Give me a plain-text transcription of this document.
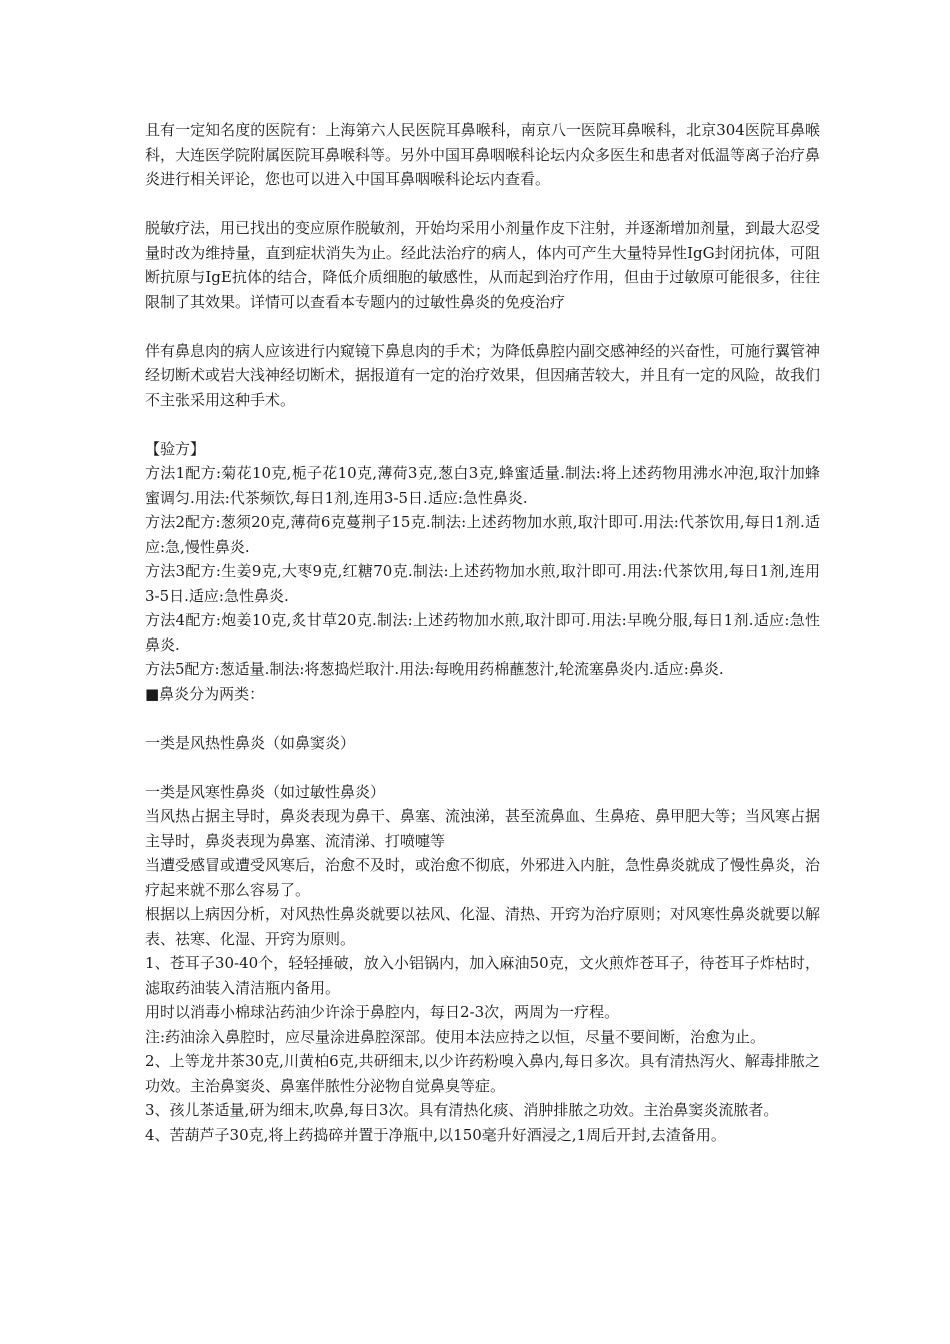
且有一定知名度的医院有：上海第六人民医院耳鼻喉科，南京八一医院耳鼻喉科，北京304医院耳鼻喉科，大连医学院附属医院耳鼻喉科等。另外中国耳鼻咽喉科论坛内众多医生和患者对低温等离子治疗鼻炎进行相关评论，您也可以进入中国耳鼻咽喉科论坛内查看。

脱敏疗法，用已找出的变应原作脱敏剂，开始均采用小剂量作皮下注射，并逐渐增加剂量，到最大忍受量时改为维持量，直到症状消失为止。经此法治疗的病人，体内可产生大量特异性IgG封闭抗体，可阻断抗原与IgE抗体的结合，降低介质细胞的敏感性，从而起到治疗作用，但由于过敏原可能很多，往往限制了其效果。详情可以查看本专题内的过敏性鼻炎的免疫治疗

伴有鼻息肉的病人应该进行内窥镜下鼻息肉的手术；为降低鼻腔内副交感神经的兴奋性，可施行翼管神经切断术或岩大浅神经切断术，据报道有一定的治疗效果，但因痛苦较大，并且有一定的风险，故我们不主张采用这种手术。

【验方】

方法1配方:菊花10克,栀子花10克,薄荷3克,葱白3克,蜂蜜适量.制法:将上述药物用沸水冲泡,取汁加蜂蜜调匀.用法:代茶频饮,每日1剂,连用3-5日.适应:急性鼻炎.

方法2配方:葱须20克,薄荷6克蔓荆子15克.制法:上述药物加水煎,取汁即可.用法:代茶饮用,每日1剂.适应:急,慢性鼻炎.

方法3配方:生姜9克,大枣9克,红糖70克.制法:上述药物加水煎,取汁即可.用法:代茶饮用,每日1剂,连用3-5日.适应:急性鼻炎.

方法4配方:炮姜10克,炙甘草20克.制法:上述药物加水煎,取汁即可.用法:早晚分服,每日1剂.适应:急性鼻炎.

方法5配方:葱适量.制法:将葱捣烂取汁.用法:每晚用药棉蘸葱汁,轮流塞鼻炎内.适应:鼻炎.

■鼻炎分为两类：

一类是风热性鼻炎（如鼻窦炎）

一类是风寒性鼻炎（如过敏性鼻炎）

当风热占据主导时，鼻炎表现为鼻干、鼻塞、流浊涕，甚至流鼻血、生鼻疮、鼻甲肥大等；当风寒占据主导时，鼻炎表现为鼻塞、流清涕、打喷嚏等

当遭受感冒或遭受风寒后，治愈不及时，或治愈不彻底，外邪进入内脏，急性鼻炎就成了慢性鼻炎，治疗起来就不那么容易了。

根据以上病因分析，对风热性鼻炎就要以祛风、化湿、清热、开窍为治疗原则；对风寒性鼻炎就要以解表、祛寒、化湿、开窍为原则。

1、苍耳子30-40个，轻轻捶破，放入小铝锅内，加入麻油50克，文火煎炸苍耳子，待苍耳子炸枯时，滤取药油装入清洁瓶内备用。

用时以消毒小棉球沾药油少许涂于鼻腔内，每日2-3次，两周为一疗程。

注:药油涂入鼻腔时，应尽量涂进鼻腔深部。使用本法应持之以恒，尽量不要间断，治愈为止。

2、上等龙井茶30克,川黄柏6克,共研细末,以少许药粉嗅入鼻内,每日多次。具有清热泻火、解毒排脓之功效。主治鼻窦炎、鼻塞伴脓性分泌物自觉鼻臭等症。

3、孩儿茶适量,研为细末,吹鼻,每日3次。具有清热化痰、消肿排脓之功效。主治鼻窦炎流脓者。

4、苦葫芦子30克,将上药捣碎并置于净瓶中,以150毫升好酒浸之,1周后开封,去渣备用。
